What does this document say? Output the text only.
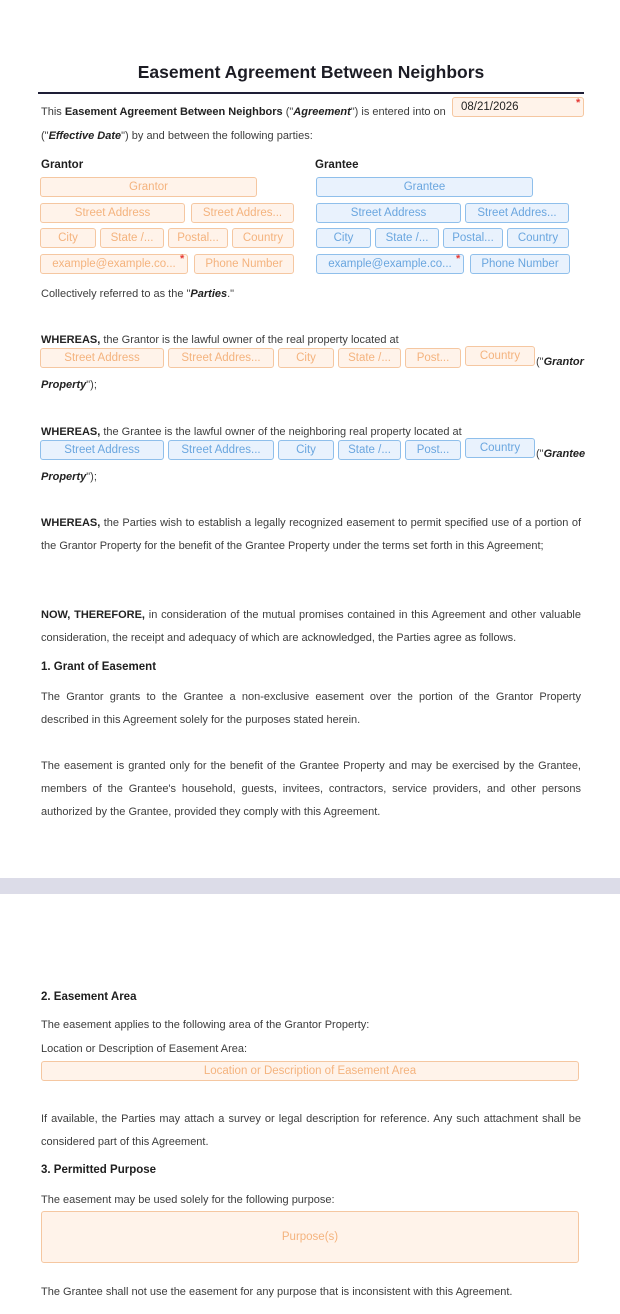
Easement Agreement Between Neighbors
This Easement Agreement Between Neighbors ("Agreement") is entered into on	08/21/2026	*
("Effective Date") by and between the following parties:
Grantor	Grantee
Grantor
Street Address	Street Addres...
City	State /...	Postal...	Country
example@example.co... *	Phone Number
Grantee
Street Address	Street Addres...
City	State /...	Postal...	Country
example@example.co... *	Phone Number
Collectively referred to as the "Parties."
WHEREAS, the Grantor is the lawful owner of the real property located at
Street Address	Street Addres...	City	State /...	Post...	Country	("Grantor
Property");
WHEREAS, the Grantee is the lawful owner of the neighboring real property located at
Street Address	Street Addres...	City	State /...	Post...	Country	("Grantee
Property");
WHEREAS, the Parties wish to establish a legally recognized easement to permit specified use of a portion of the Grantor Property for the benefit of the Grantee Property under the terms set forth in this Agreement;
NOW, THEREFORE, in consideration of the mutual promises contained in this Agreement and other valuable consideration, the receipt and adequacy of which are acknowledged, the Parties agree as follows.
1. Grant of Easement
The Grantor grants to the Grantee a non-exclusive easement over the portion of the Grantor Property described in this Agreement solely for the purposes stated herein.
The easement is granted only for the benefit of the Grantee Property and may be exercised by the Grantee, members of the Grantee's household, guests, invitees, contractors, service providers, and other persons authorized by the Grantee, provided they comply with this Agreement.
2. Easement Area
The easement applies to the following area of the Grantor Property:
Location or Description of Easement Area:
Location or Description of Easement Area
If available, the Parties may attach a survey or legal description for reference. Any such attachment shall be considered part of this Agreement.
3. Permitted Purpose
The easement may be used solely for the following purpose:
Purpose(s)
The Grantee shall not use the easement for any purpose that is inconsistent with this Agreement.
